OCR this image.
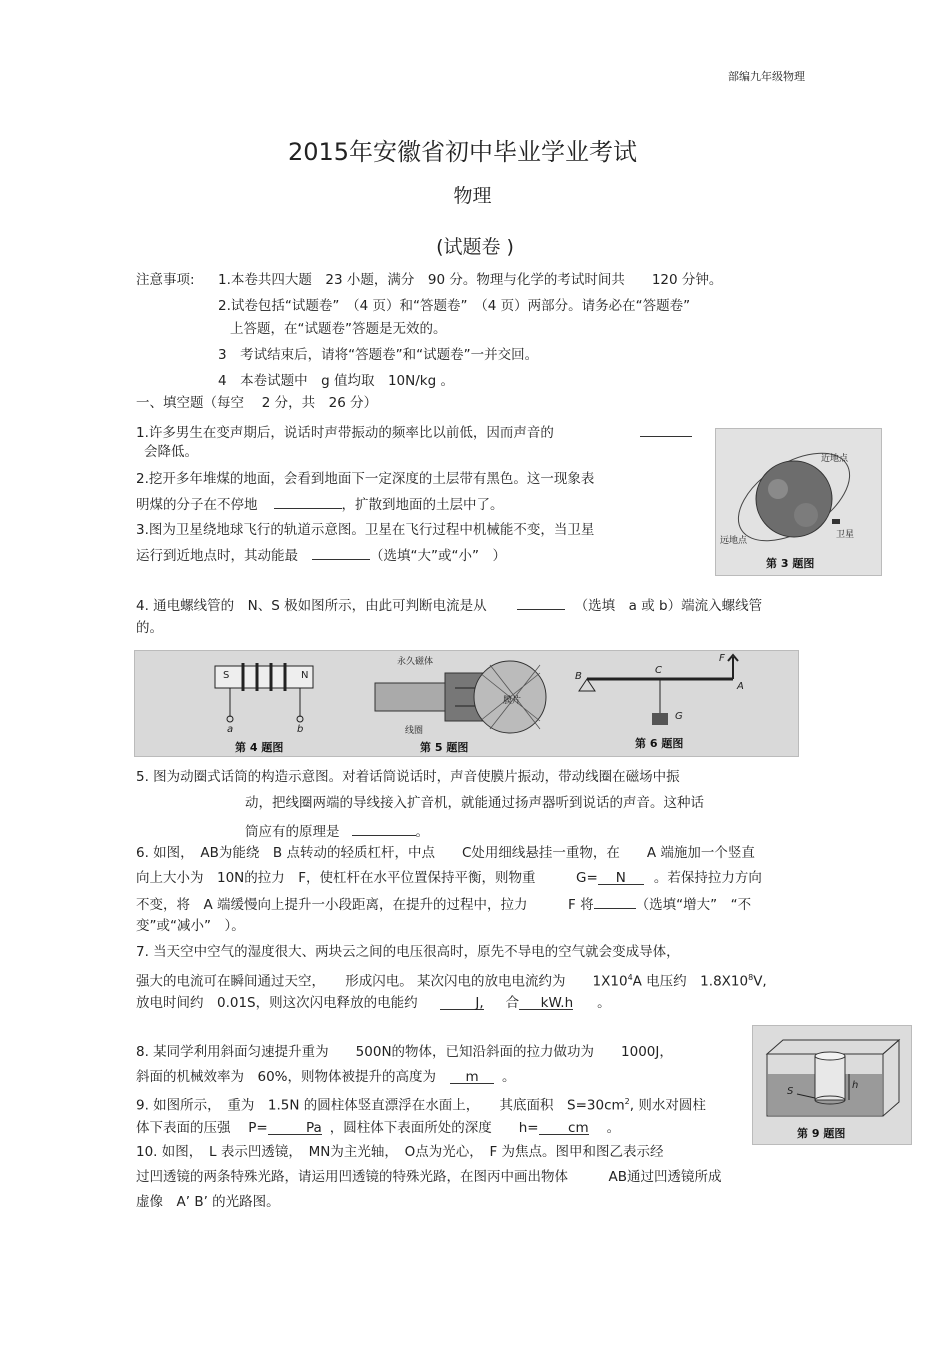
部编九年级物理
2015年安徽省初中毕业学业考试
物理
(试题卷 )
注意事项: 1.本卷共四大题　23 小题，满分　90 分。物理与化学的考试时间共　　120 分钟。
2.试卷包括“试题卷”　（4 页）和“答题卷”　（4 页）两部分。请务必在“答题卷”
上答题，在“试题卷”答题是无效的。
3　考试结束后，请将“答题卷”和“试题卷”一并交回。
4　本卷试题中　g 值均取　10N/kg 。
一、填空题（每空　 2 分，共　26 分）
1.许多男生在变声期后，说话时声带振动的频率比以前低，因而声音的
会降低。
2.挖开多年堆煤的地面，会看到地面下一定深度的土层带有黑色。这一现象表
明煤的分子在不停地	，扩散到地面的土层中了。
3.图为卫星绕地球飞行的轨道示意图。卫星在飞行过程中机械能不变，当卫星
运行到近地点时，其动能最	（选填“大”或“小”　）
近地点
远地点
卫星
第 3 题图
4. 通电螺线管的　N、S 极如图所示，由此可判断电流是从	（选填　a 或 b）端流入螺线管
的。
S	N
a	b
第 4 题图
永久磁体
线圈
膜片
第 5 题图
B
C
A
F
G
第 6 题图
5. 图为动圈式话筒的构造示意图。对着话筒说话时，声音使膜片振动，带动线圈在磁场中振
动，把线圈两端的导线接入扩音机，就能通过扬声器听到说话的声音。这种话
筒应有的原理是	。
6. 如图，　AB为能绕　B 点转动的轻质杠杆，中点　　C处用细线悬挂一重物，在　　A 端施加一个竖直
向上大小为　10N的拉力　F，使杠杆在水平位置保持平衡，则物重　　　G= N 。若保持拉力方向
不变，将　A 端缓慢向上提升一小段距离，在提升的过程中，拉力　　　F 将	（选填“增大”　“不
变”或“减小”　）。
7. 当天空中空气的湿度很大、两块云之间的电压很高时，原先不导电的空气就会变成导体，
强大的电流可在瞬间通过天空，　　形成闪电。 某次闪电的放电电流约为　　$1X10^4A$ 电压约　$1.8X10^8V$,
放电时间约　0.01S，则这次闪电释放的电能约	J, 合 kW.h 。
8. 某同学利用斜面匀速提升重为　　500N的物体，已知沿斜面的拉力做功为　　1000J，
斜面的机械效率为　60%，则物体被提升的高度为 m 。
9. 如图所示，　重为　1.5N 的圆柱体竖直漂浮在水面上，　　其底面积　$S=30cm^2$, 则水对圆柱
体下表面的压强　 P=	Pa ，圆柱体下表面所处的深度　　h= cm 。
S
h
第 9 题图
10. 如图，　L 表示凹透镜，　MN为主光轴，　O点为光心，　F 为焦点。图甲和图乙表示经
过凹透镜的两条特殊光路，请运用凹透镜的特殊光路，在图丙中画出物体　　　AB通过凹透镜所成
虚像　A’ B’ 的光路图。
